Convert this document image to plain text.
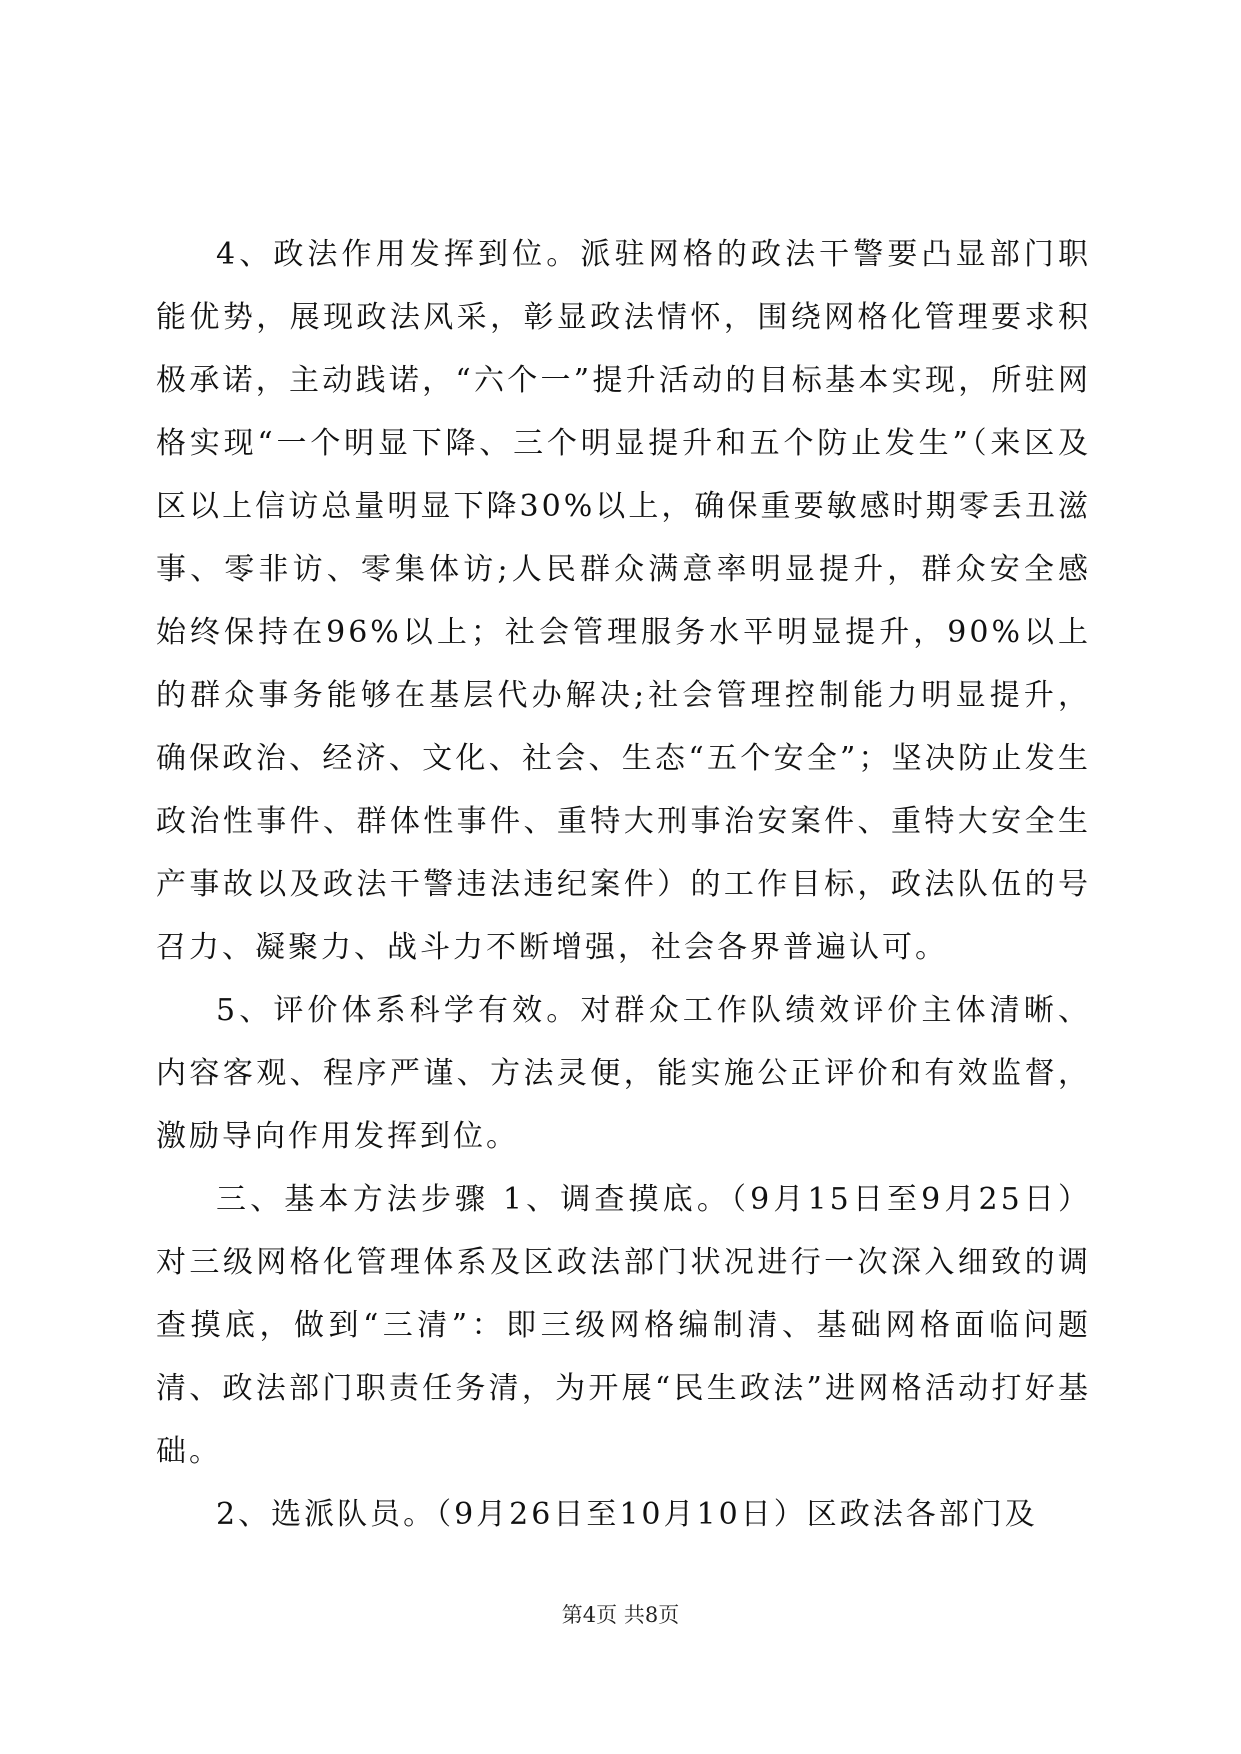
4、政法作用发挥到位。派驻网格的政法干警要凸显部门职能优势，展现政法风采，彰显政法情怀，围绕网格化管理要求积极承诺，主动践诺，“六个一”提升活动的目标基本实现，所驻网格实现“一个明显下降、三个明显提升和五个防止发生”（来区及区以上信访总量明显下降30%以上，确保重要敏感时期零丢丑滋事、零非访、零集体访;人民群众满意率明显提升，群众安全感始终保持在96%以上；社会管理服务水平明显提升，90%以上的群众事务能够在基层代办解决;社会管理控制能力明显提升，确保政治、经济、文化、社会、生态“五个安全”；坚决防止发生政治性事件、群体性事件、重特大刑事治安案件、重特大安全生产事故以及政法干警违法违纪案件）的工作目标，政法队伍的号召力、凝聚力、战斗力不断增强，社会各界普遍认可。

5、评价体系科学有效。对群众工作队绩效评价主体清晰、内容客观、程序严谨、方法灵便，能实施公正评价和有效监督，激励导向作用发挥到位。

三、基本方法步骤 1、调查摸底。（9月15日至9月25日）对三级网格化管理体系及区政法部门状况进行一次深入细致的调查摸底，做到“三清”：即三级网格编制清、基础网格面临问题清、政法部门职责任务清，为开展“民生政法”进网格活动打好基础。

2、选派队员。（9月26日至10月10日）区政法各部门及

第4页 共8页
